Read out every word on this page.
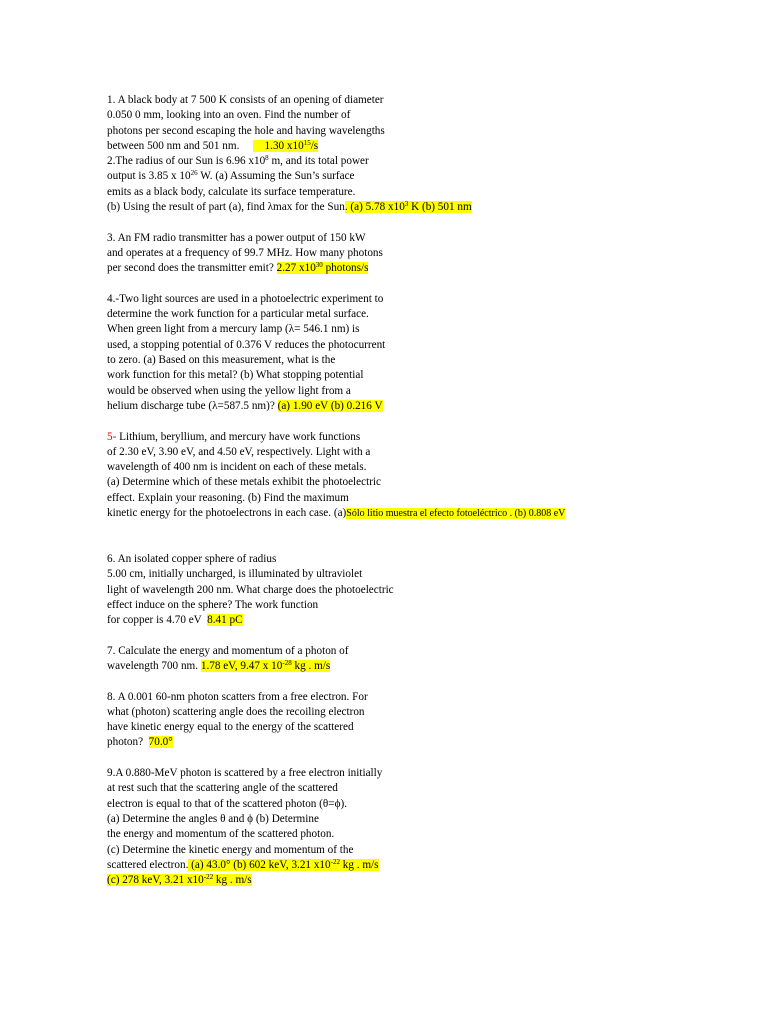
1. A black body at 7 500 K consists of an opening of diameter
0.050 0 mm, looking into an oven. Find the number of
photons per second escaping the hole and having wavelengths
between 500 nm and 501 nm.         1.30 $x10^{15}/s$
2.The radius of our Sun is 6.96 $x10^8$ m, and its total power
output is 3.85 x $10^{26}$ W. (a) Assuming the Sun’s surface
emits as a black body, calculate its surface temperature.
(b) Using the result of part (a), find λmax for the Sun. (a) 5.78 $x10^3$ K (b) 501 nm
3. An FM radio transmitter has a power output of 150 kW
and operates at a frequency of 99.7 MHz. How many photons
per second does the transmitter emit? 2.27 $x10^{30}$ photons/s
4.-Two light sources are used in a photoelectric experiment to
determine the work function for a particular metal surface.
When green light from a mercury lamp (λ= 546.1 nm) is
used, a stopping potential of 0.376 V reduces the photocurrent
to zero. (a) Based on this measurement, what is the
work function for this metal? (b) What stopping potential
would be observed when using the yellow light from a
helium discharge tube (λ=587.5 nm)? (a) 1.90 eV (b) 0.216 V
5- Lithium, beryllium, and mercury have work functions
of 2.30 eV, 3.90 eV, and 4.50 eV, respectively. Light with a
wavelength of 400 nm is incident on each of these metals.
(a) Determine which of these metals exhibit the photoelectric
effect. Explain your reasoning. (b) Find the maximum
kinetic energy for the photoelectrons in each case. (a)Sólo litio muestra el efecto fotoeléctrico . (b) 0.808 eV
6. An isolated copper sphere of radius
5.00 cm, initially uncharged, is illuminated by ultraviolet
light of wavelength 200 nm. What charge does the photoelectric
effect induce on the sphere? The work function
for copper is 4.70 eV  8.41 pC
7. Calculate the energy and momentum of a photon of
wavelength 700 nm. 1.78 eV, 9.47 x $10^{-28}$ kg . m/s
8. A 0.001 60-nm photon scatters from a free electron. For
what (photon) scattering angle does the recoiling electron
have kinetic energy equal to the energy of the scattered
photon?  70.0°
9.A 0.880-MeV photon is scattered by a free electron initially
at rest such that the scattering angle of the scattered
electron is equal to that of the scattered photon (θ=ϕ).
(a) Determine the angles θ and ϕ (b) Determine
the energy and momentum of the scattered photon.
(c) Determine the kinetic energy and momentum of the
scattered electron. (a) 43.0° (b) 602 keV, 3.21 $x10^{-22}$ kg . m/s
(c) 278 keV, 3.21 $x10^{-22}$ kg . m/s
